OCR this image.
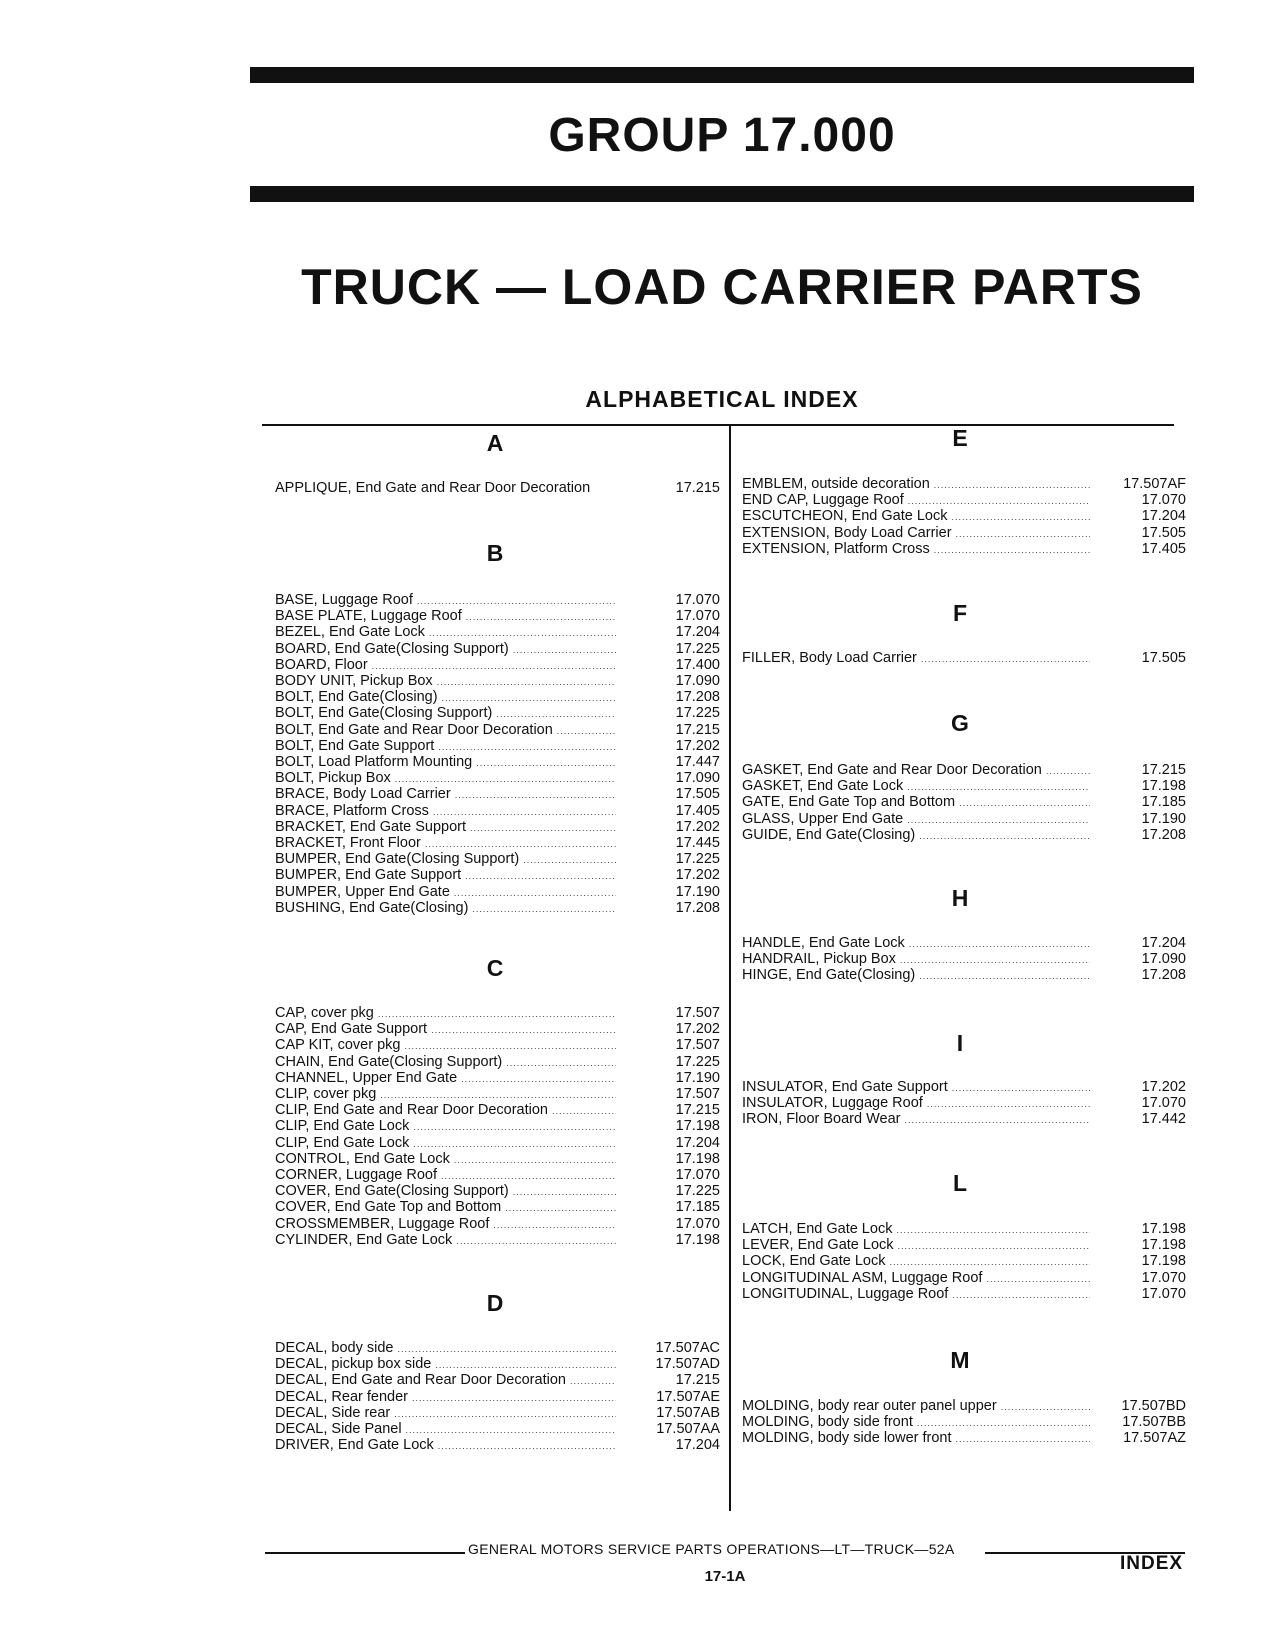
GROUP 17.000
TRUCK — LOAD CARRIER PARTS
ALPHABETICAL INDEX
A
APPLIQUE, End Gate and Rear Door Decoration	17.215
B
BASE, Luggage Roof .....	17.070
BASE PLATE, Luggage Roof .....	17.070
BEZEL, End Gate Lock .....	17.204
BOARD, End Gate(Closing Support) .....	17.225
BOARD, Floor .....	17.400
BODY UNIT, Pickup Box .....	17.090
BOLT, End Gate(Closing) .....	17.208
BOLT, End Gate(Closing Support) .....	17.225
BOLT, End Gate and Rear Door Decoration .....	17.215
BOLT, End Gate Support .....	17.202
BOLT, Load Platform Mounting .....	17.447
BOLT, Pickup Box .....	17.090
BRACE, Body Load Carrier .....	17.505
BRACE, Platform Cross .....	17.405
BRACKET, End Gate Support .....	17.202
BRACKET, Front Floor .....	17.445
BUMPER, End Gate(Closing Support) .....	17.225
BUMPER, End Gate Support .....	17.202
BUMPER, Upper End Gate .....	17.190
BUSHING, End Gate(Closing) .....	17.208
C
CAP, cover pkg .....	17.507
CAP, End Gate Support .....	17.202
CAP KIT, cover pkg .....	17.507
CHAIN, End Gate(Closing Support) .....	17.225
CHANNEL, Upper End Gate .....	17.190
CLIP, cover pkg .....	17.507
CLIP, End Gate and Rear Door Decoration .....	17.215
CLIP, End Gate Lock .....	17.198
CLIP, End Gate Lock .....	17.204
CONTROL, End Gate Lock .....	17.198
CORNER, Luggage Roof .....	17.070
COVER, End Gate(Closing Support) .....	17.225
COVER, End Gate Top and Bottom .....	17.185
CROSSMEMBER, Luggage Roof .....	17.070
CYLINDER, End Gate Lock .....	17.198
D
DECAL, body side .....	17.507AC
DECAL, pickup box side .....	17.507AD
DECAL, End Gate and Rear Door Decoration .....	17.215
DECAL, Rear fender .....	17.507AE
DECAL, Side rear .....	17.507AB
DECAL, Side Panel .....	17.507AA
DRIVER, End Gate Lock .....	17.204
E
EMBLEM, outside decoration .....	17.507AF
END CAP, Luggage Roof .....	17.070
ESCUTCHEON, End Gate Lock .....	17.204
EXTENSION, Body Load Carrier .....	17.505
EXTENSION, Platform Cross .....	17.405
F
FILLER, Body Load Carrier .....	17.505
G
GASKET, End Gate and Rear Door Decoration .....	17.215
GASKET, End Gate Lock .....	17.198
GATE, End Gate Top and Bottom .....	17.185
GLASS, Upper End Gate .....	17.190
GUIDE, End Gate(Closing) .....	17.208
H
HANDLE, End Gate Lock .....	17.204
HANDRAIL, Pickup Box .....	17.090
HINGE, End Gate(Closing) .....	17.208
I
INSULATOR, End Gate Support .....	17.202
INSULATOR, Luggage Roof .....	17.070
IRON, Floor Board Wear .....	17.442
L
LATCH, End Gate Lock .....	17.198
LEVER, End Gate Lock .....	17.198
LOCK, End Gate Lock .....	17.198
LONGITUDINAL ASM, Luggage Roof .....	17.070
LONGITUDINAL, Luggage Roof .....	17.070
M
MOLDING, body rear outer panel upper .....	17.507BD
MOLDING, body side front .....	17.507BB
MOLDING, body side lower front .....	17.507AZ
GENERAL MOTORS SERVICE PARTS OPERATIONS—LT—TRUCK—52A
17-1A
INDEX
